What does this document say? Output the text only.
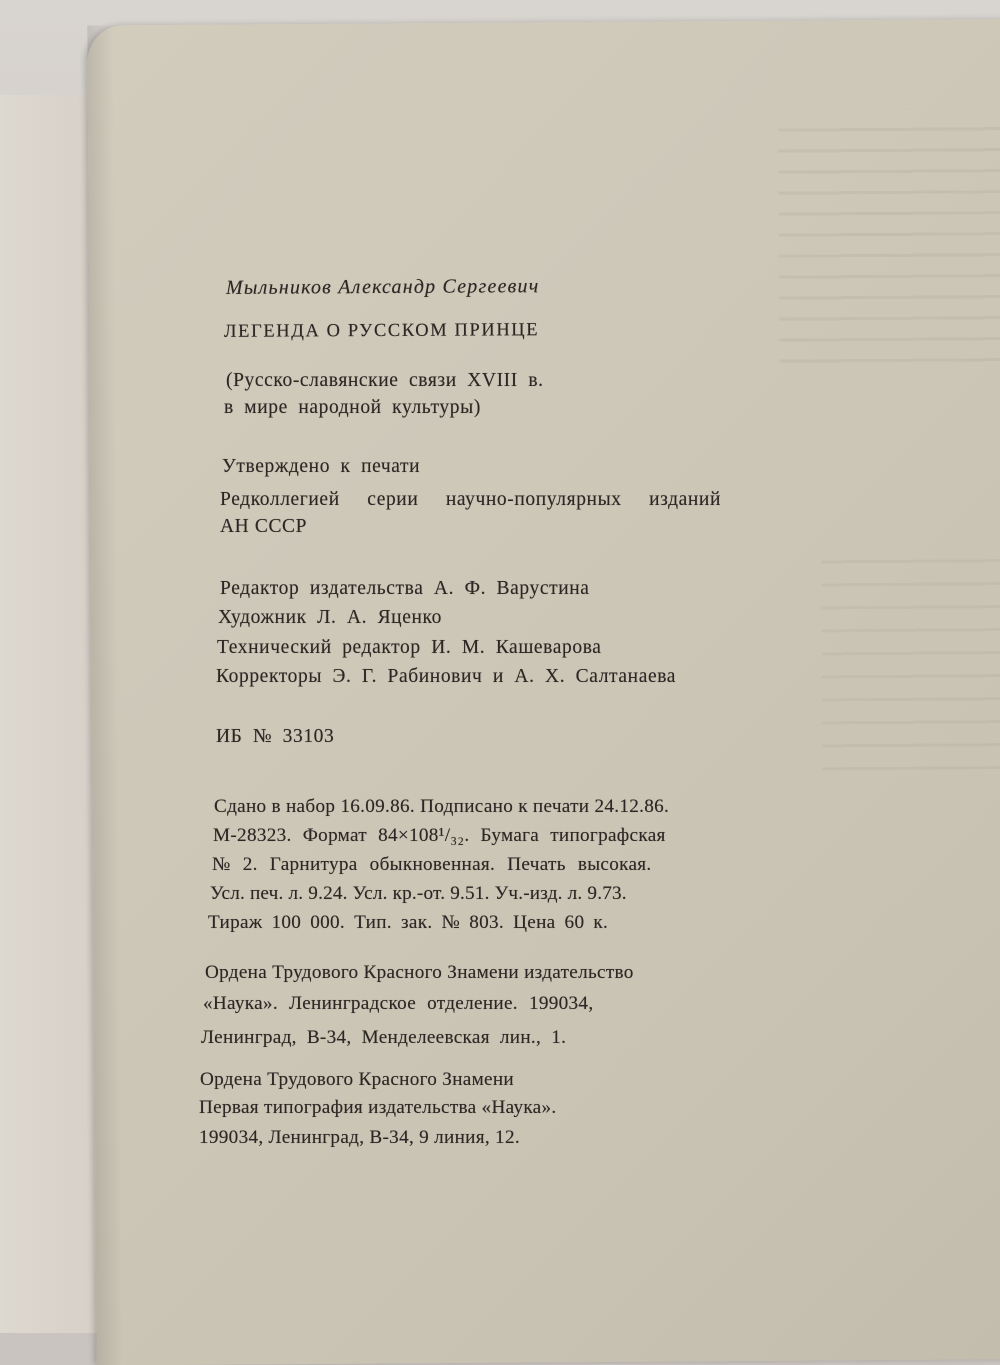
Мыльников Александр Сергеевич
ЛЕГЕНДА О РУССКОМ ПРИНЦЕ
(Русско-славянские связи XVIII в.
в мире народной культуры)
Утверждено к печати
Редколлегией серии научно-популярных изданий
АН СССР
Редактор издательства А. Ф. Варустина
Художник Л. А. Яценко
Технический редактор И. М. Кашеварова
Корректоры Э. Г. Рабинович и А. Х. Салтанаева
ИБ № 33103
Сдано в набор 16.09.86. Подписано к печати 24.12.86.
М-28323. Формат 84×108¹/₃₂. Бумага типографская
№ 2. Гарнитура обыкновенная. Печать высокая.
Усл. печ. л. 9.24. Усл. кр.-от. 9.51. Уч.-изд. л. 9.73.
Тираж 100 000. Тип. зак. № 803. Цена 60 к.
Ордена Трудового Красного Знамени издательство
«Наука». Ленинградское отделение. 199034,
Ленинград, В-34, Менделеевская лин., 1.
Ордена Трудового Красного Знамени
Первая типография издательства «Наука».
199034, Ленинград, В-34, 9 линия, 12.
